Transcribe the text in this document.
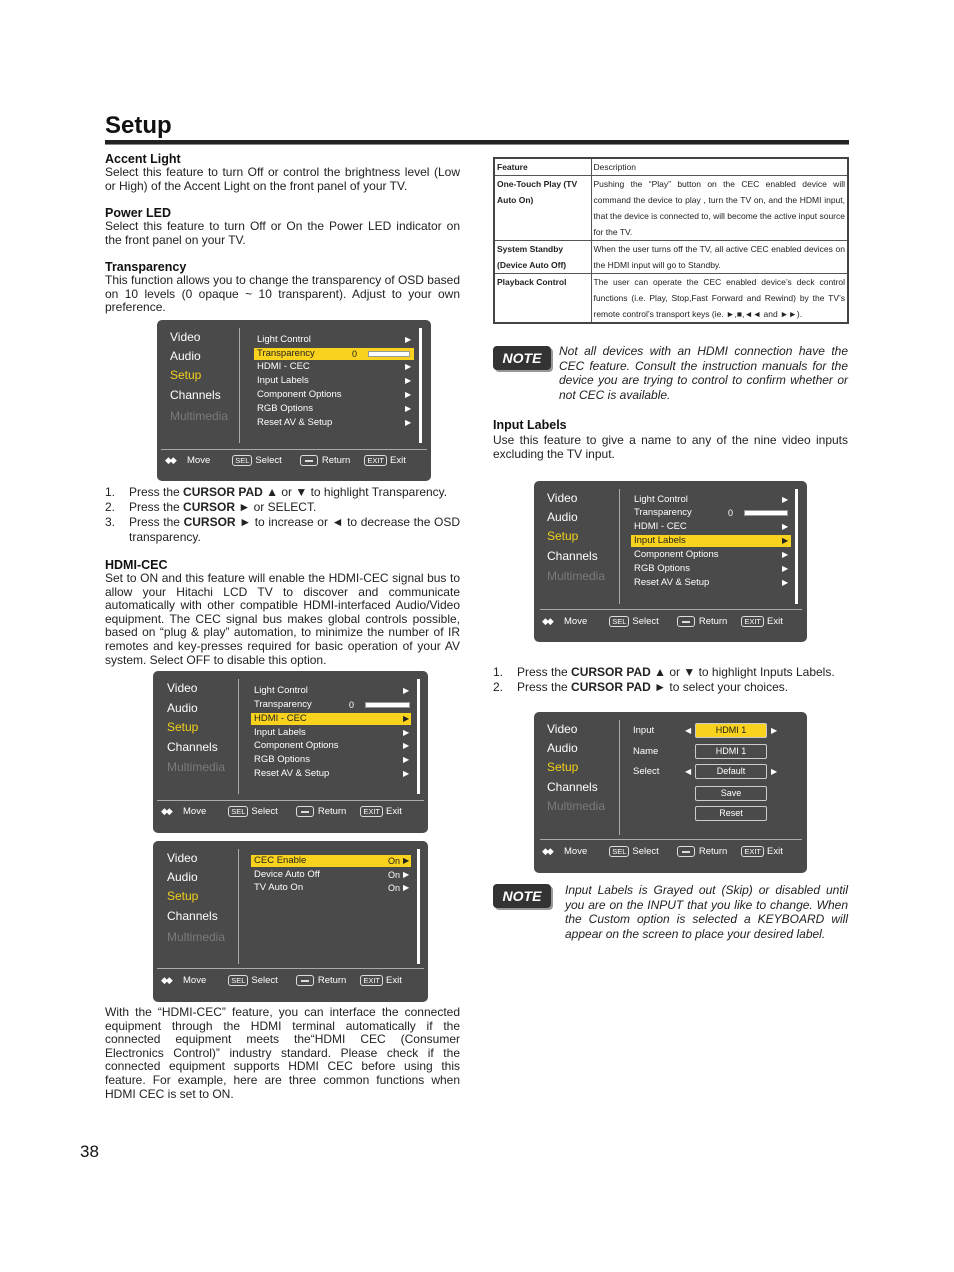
Setup
Accent Light
Select this feature to turn Off or control the brightness level (Low or High) of the Accent Light on the front panel of your TV.
Power LED
Select this feature to turn Off or On the Power LED indicator on the front panel on your TV.
Transparency
This function allows you to change the transparency of OSD based on 10 levels (0 opaque ~ 10 transparent). Adjust to your own preference.
Video
Audio
Setup
Channels
Multimedia
Light Control
Transparency	0
HDMI - CEC
Input Labels
Component Options
RGB Options
Reset AV & Setup
▶
▶
▶
▶
▶
▶
◆◆	Move	SEL Select	Return	EXIT Exit
1.	Press the CURSOR PAD ▲ or ▼ to highlight Transparency.
2.	Press the CURSOR ► or SELECT.
3.	Press the CURSOR ► to increase or ◄ to decrease the OSD transparency.
HDMI-CEC
Set to ON and this feature will enable the HDMI-CEC signal bus to allow your Hitachi LCD TV to discover and communicate automatically with other compatible HDMI-interfaced Audio/Video equipment. The CEC signal bus makes global controls possible, based on “plug & play” automation, to minimize the number of IR remotes and key-presses required for basic operation of your AV system. Select OFF to disable this option.
Video
Audio
Setup
Channels
Multimedia
Light Control
Transparency	0
HDMI - CEC
Input Labels
Component Options
RGB Options
Reset AV & Setup
▶
▶
▶
▶
▶
▶
◆◆	Move	SEL Select	Return	EXIT Exit
Video
Audio
Setup
Channels
Multimedia
CEC Enable
Device Auto Off
TV Auto On
On
On
On
▶
▶
▶
◆◆	Move	SEL Select	Return	EXIT Exit
With the “HDMI-CEC” feature, you can interface the connected equipment through the HDMI terminal automatically if the connected equipment meets the“HDMI CEC (Consumer Electronics Control)” industry standard. Please check if the connected equipment supports HDMI CEC before using this feature. For example, here are three common functions when HDMI CEC is set to ON.
Feature	Description

One-Touch Play (TV
Auto On)	Pushing the “Play” button on the CEC enabled device will command the device to play , turn the TV on, and the HDMI input, that the device is connected to, will become the active input source for the TV.

System Standby
(Device Auto Off)	When the user turns off the TV, all active CEC enabled devices on the HDMI input will go to Standby.

Playback Control	The user can operate the CEC enabled device’s deck control functions (i.e. Play, Stop,Fast Forward and Rewind) by the TV’s remote control’s transport keys (ie. ►,■,◄◄ and ►►).
NOTE	Not all devices with an HDMI connection have the CEC feature. Consult the instruction manuals for the device you are trying to control to confirm whether or not CEC is available.
Input Labels
Use this feature to give a name to any of the nine video inputs excluding the TV input.
Video
Audio
Setup
Channels
Multimedia
Light Control
Transparency	0
HDMI - CEC
Input Labels
Component Options
RGB Options
Reset AV & Setup
▶
▶
▶
▶
▶
▶
◆◆	Move	SEL Select	Return	EXIT Exit
1.	Press the CURSOR PAD ▲ or ▼ to highlight Inputs Labels.
2.	Press the CURSOR PAD ► to select your choices.
Video
Audio
Setup
Channels
Multimedia
Input
Name
Select
◀	HDMI 1	▶
HDMI 1
◀	Default	▶
Save
Reset
◆◆	Move	SEL Select	Return	EXIT Exit
NOTE	Input Labels is Grayed out (Skip) or disabled until you are on the INPUT that you like to change. When the Custom option is selected a KEYBOARD will appear on the screen to place your desired label.
38
